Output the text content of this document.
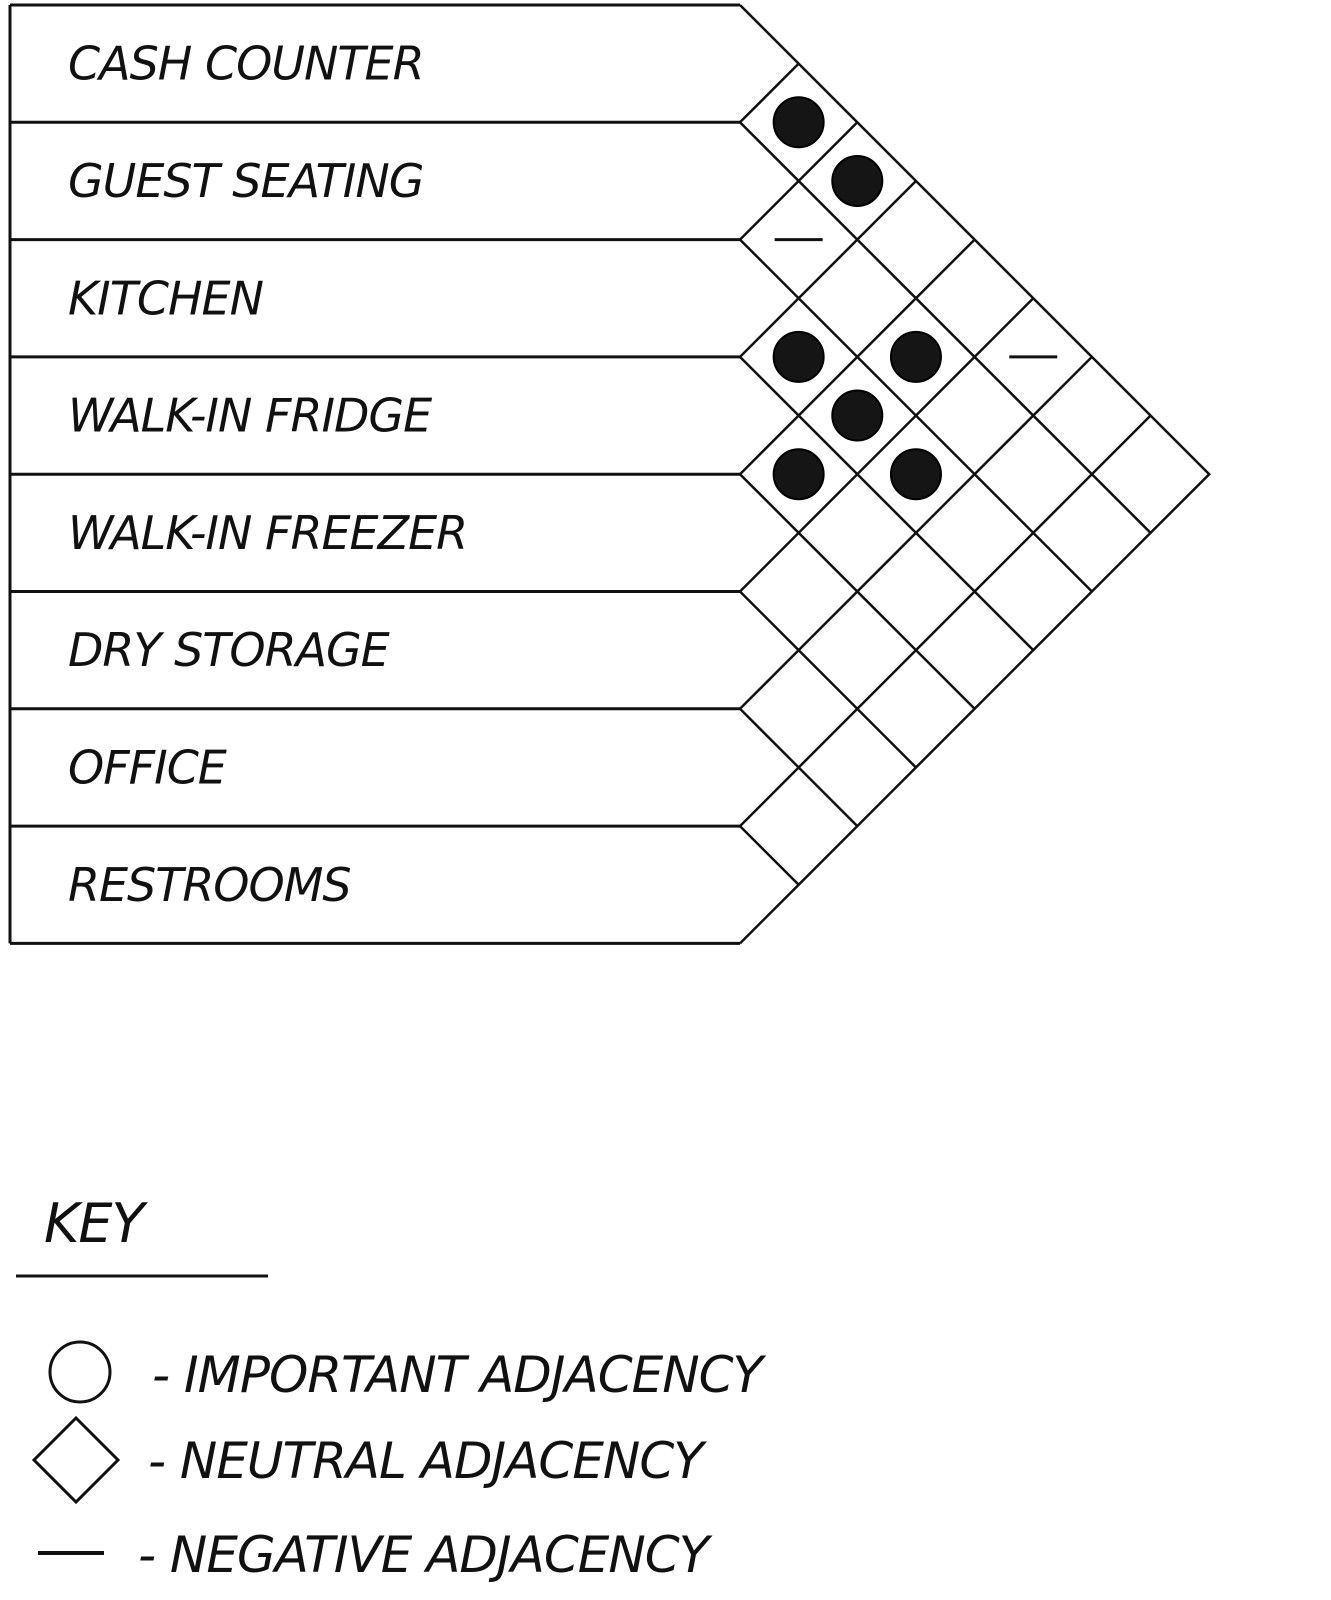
CASH COUNTER
GUEST SEATING
KITCHEN
WALK-IN FRIDGE
WALK-IN FREEZER
DRY STORAGE
OFFICE
RESTROOMS
KEY
- IMPORTANT ADJACENCY
- NEUTRAL ADJACENCY
- NEGATIVE ADJACENCY
